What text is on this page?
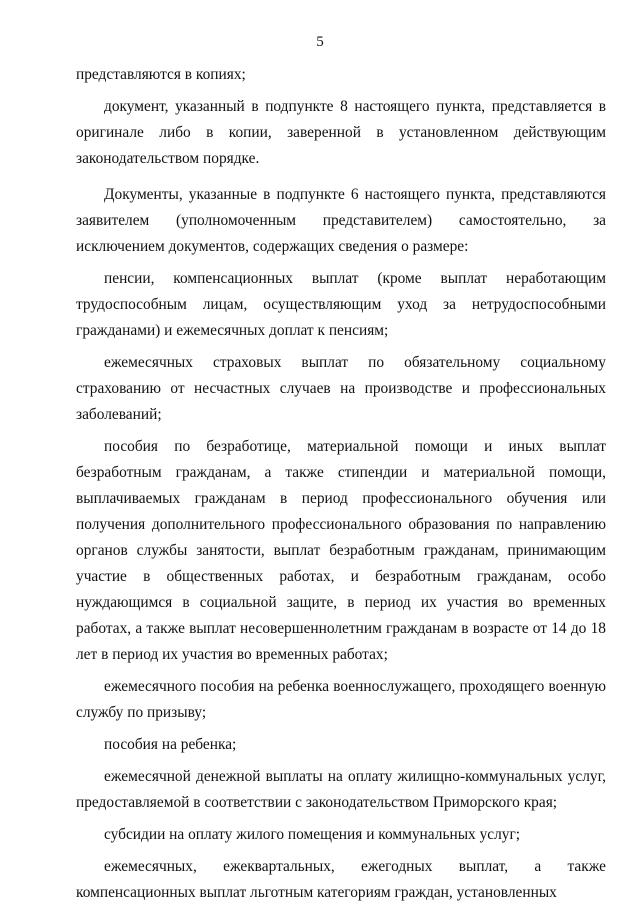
5

представляются в копиях;

документ, указанный в подпункте 8 настоящего пункта, представляется в оригинале либо в копии, заверенной в установленном действующим законодательством порядке.

Документы, указанные в подпункте 6 настоящего пункта, представляются заявителем (уполномоченным представителем) самостоятельно, за исключением документов, содержащих сведения о размере:

пенсии, компенсационных выплат (кроме выплат неработающим трудоспособным лицам, осуществляющим уход за нетрудоспособными гражданами) и ежемесячных доплат к пенсиям;

ежемесячных страховых выплат по обязательному социальному страхованию от несчастных случаев на производстве и профессиональных заболеваний;

пособия по безработице, материальной помощи и иных выплат безработным гражданам, а также стипендии и материальной помощи, выплачиваемых гражданам в период профессионального обучения или получения дополнительного профессионального образования по направлению органов службы занятости, выплат безработным гражданам, принимающим участие в общественных работах, и безработным гражданам, особо нуждающимся в социальной защите, в период их участия во временных работах, а также выплат несовершеннолетним гражданам в возрасте от 14 до 18 лет в период их участия во временных работах;

ежемесячного пособия на ребенка военнослужащего, проходящего военную службу по призыву;

пособия на ребенка;

ежемесячной денежной выплаты на оплату жилищно-коммунальных услуг, предоставляемой в соответствии с законодательством Приморского края;

субсидии на оплату жилого помещения и коммунальных услуг;

ежемесячных, ежеквартальных, ежегодных выплат, а также компенсационных выплат льготным категориям граждан, установленных
